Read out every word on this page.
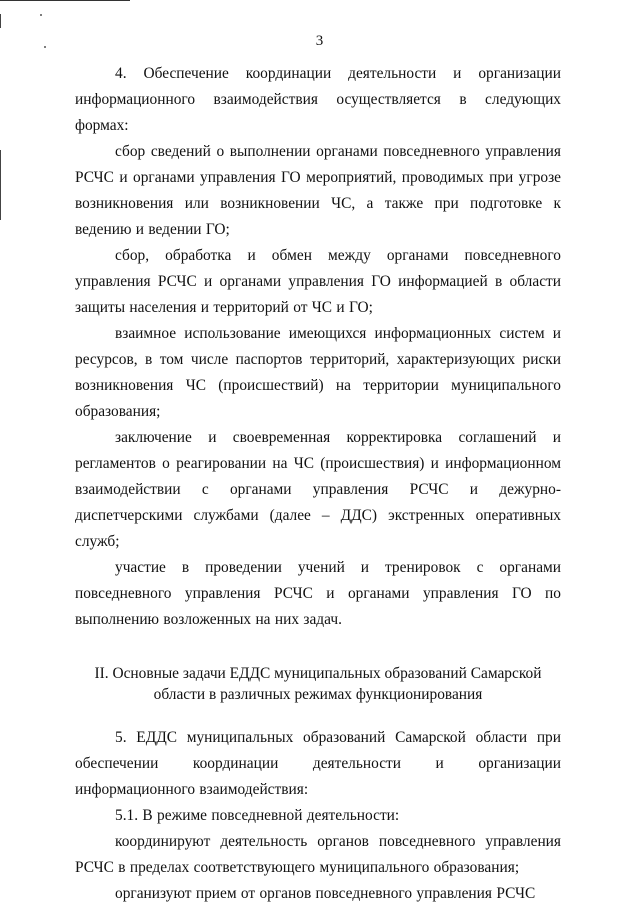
3

4. Обеспечение координации деятельности и организации информационного взаимодействия осуществляется в следующих формах:

сбор сведений о выполнении органами повседневного управления РСЧС и органами управления ГО мероприятий, проводимых при угрозе возникновения или возникновении ЧС, а также при подготовке к ведению и ведении ГО;

сбор, обработка и обмен между органами повседневного управления РСЧС и органами управления ГО информацией в области защиты населения и территорий от ЧС и ГО;

взаимное использование имеющихся информационных систем и ресурсов, в том числе паспортов территорий, характеризующих риски возникновения ЧС (происшествий) на территории муниципального образования;

заключение и своевременная корректировка соглашений и регламентов о реагировании на ЧС (происшествия) и информационном взаимодействии с органами управления РСЧС и дежурно-диспетчерскими службами (далее – ДДС) экстренных оперативных служб;

участие в проведении учений и тренировок с органами повседневного управления РСЧС и органами управления ГО по выполнению возложенных на них задач.

II. Основные задачи ЕДДС муниципальных образований Самарской
области в различных режимах функционирования

5. ЕДДС муниципальных образований Самарской области при обеспечении координации деятельности и организации информационного взаимодействия:

5.1. В режиме повседневной деятельности:

координируют деятельность органов повседневного управления РСЧС в пределах соответствующего муниципального образования;

организуют прием от органов повседневного управления РСЧС
